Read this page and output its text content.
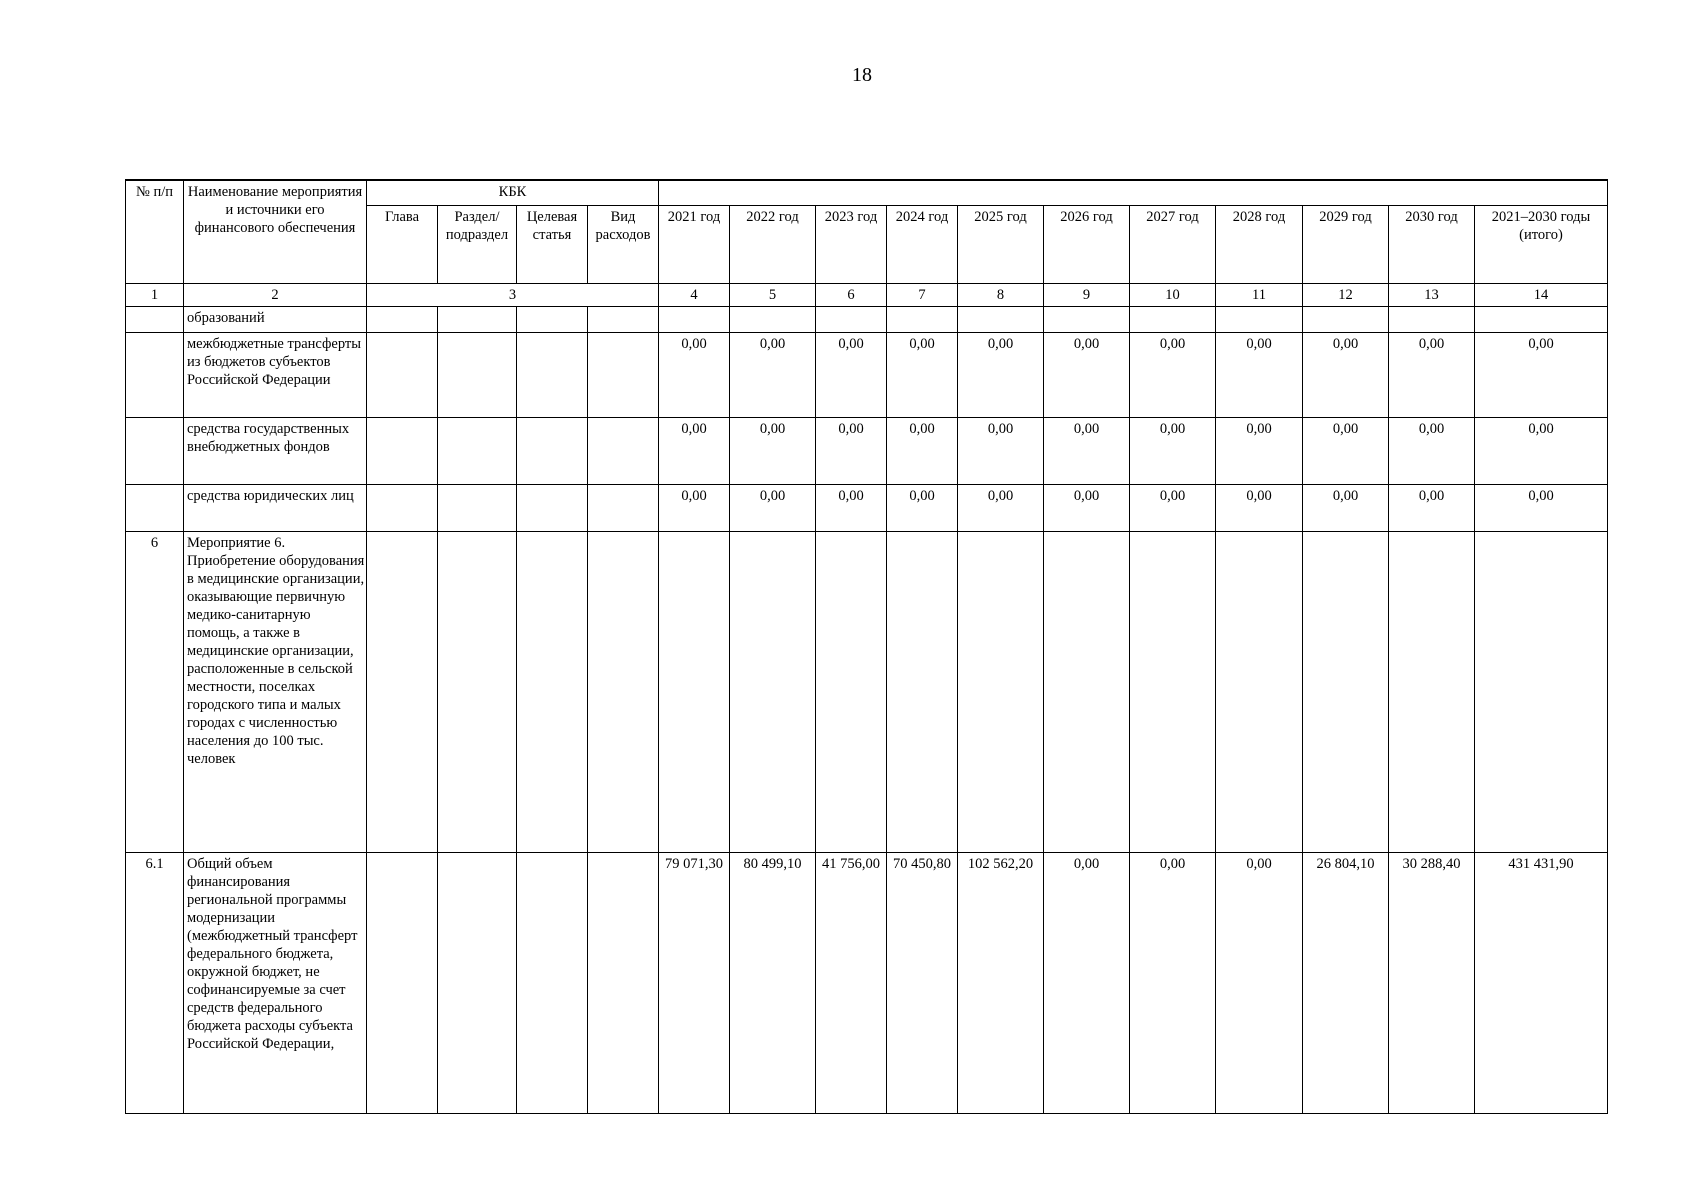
18
№ п/п	Наименование мероприятия и источники его финансового обеспечения	КБК														
		Глава	Раздел/ подраздел	Целевая статья	Вид расходов	2021 год	2022 год	2023 год	2024 год	2025 год	2026 год	2027 год	2028 год	2029 год	2030 год	2021–2030 годы (итого)
1	2	3				4	5	6	7	8	9	10	11	12	13	14
	образований															
	межбюджетные трансферты из бюджетов субъектов Российской Федерации					0,00	0,00	0,00	0,00	0,00	0,00	0,00	0,00	0,00	0,00	0,00
	средства государственных внебюджетных фондов					0,00	0,00	0,00	0,00	0,00	0,00	0,00	0,00	0,00	0,00	0,00
	средства юридических лиц					0,00	0,00	0,00	0,00	0,00	0,00	0,00	0,00	0,00	0,00	0,00
6	Мероприятие 6. Приобретение оборудования в медицинские организации, оказывающие первичную медико-санитарную помощь, а также в медицинские организации, расположенные в сельской местности, поселках городского типа и малых городах с численностью населения до 100 тыс. человек															
6.1	Общий объем финансирования региональной программы модернизации (межбюджетный трансферт федерального бюджета, окружной бюджет, не софинансируемые за счет средств федерального бюджета расходы субъекта Российской Федерации,					79 071,30	80 499,10	41 756,00	70 450,80	102 562,20	0,00	0,00	0,00	26 804,10	30 288,40	431 431,90
